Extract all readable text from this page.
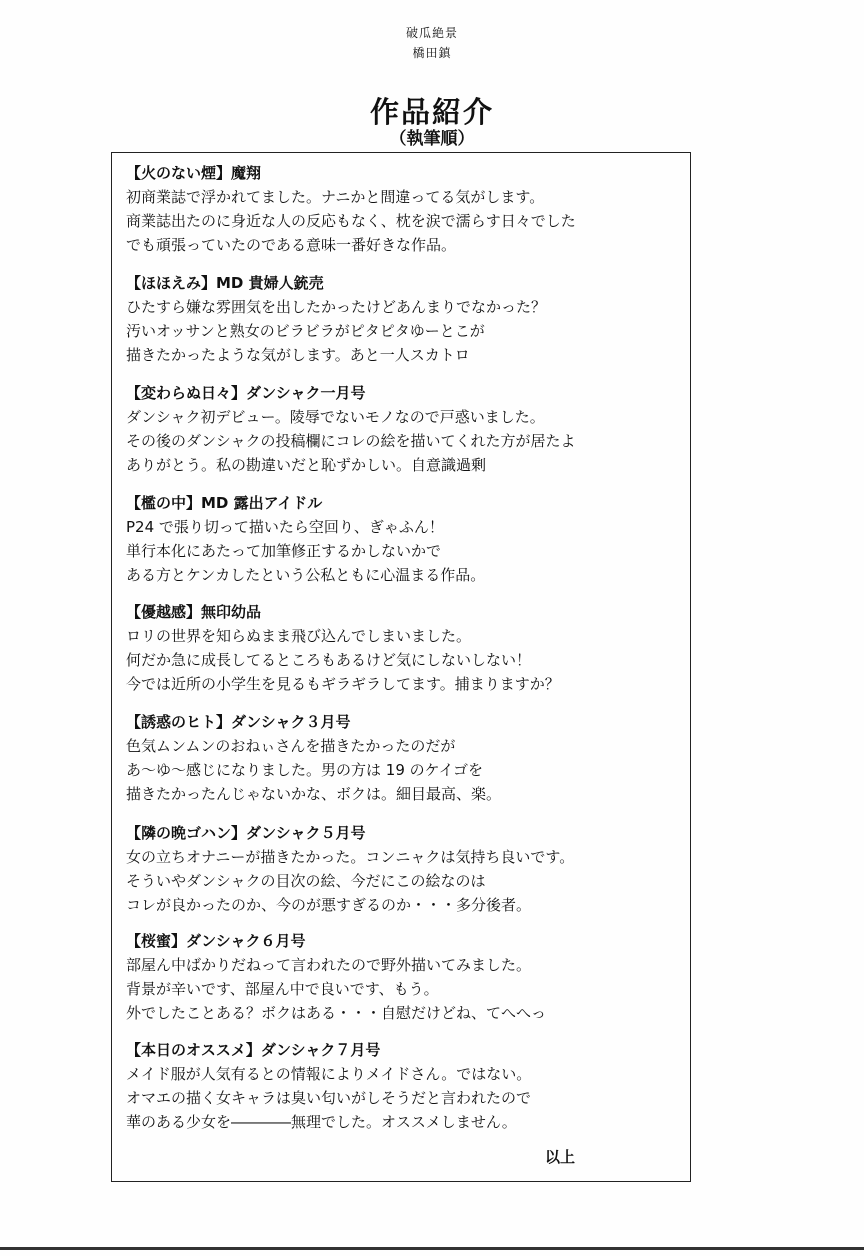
破瓜絶景
橋田鎮
作品紹介
（執筆順）
【火のない煙】魔翔
初商業誌で浮かれてました。ナニかと間違ってる気がします。
商業誌出たのに身近な人の反応もなく、枕を涙で濡らす日々でした
でも頑張っていたのである意味一番好きな作品。
【ほほえみ】MD 貴婦人銃売
ひたすら嫌な雰囲気を出したかったけどあんまりでなかった？
汚いオッサンと熟女のビラビラがピタピタゆーとこが
描きたかったような気がします。あと一人スカトロ
【変わらぬ日々】ダンシャク一月号
ダンシャク初デビュー。陵辱でないモノなので戸惑いました。
その後のダンシャクの投稿欄にコレの絵を描いてくれた方が居たよ
ありがとう。私の勘違いだと恥ずかしい。自意識過剰
【檻の中】MD 露出アイドル
P24 で張り切って描いたら空回り、ぎゃふん！
単行本化にあたって加筆修正するかしないかで
ある方とケンカしたという公私ともに心温まる作品。
【優越感】無印幼品
ロリの世界を知らぬまま飛び込んでしまいました。
何だか急に成長してるところもあるけど気にしないしない！
今では近所の小学生を見るもギラギラしてます。捕まりますか？
【誘惑のヒト】ダンシャク３月号
色気ムンムンのおねぃさんを描きたかったのだが
あ～ゆ～感じになりました。男の方は 19 のケイゴを
描きたかったんじゃないかな、ボクは。細目最高、楽。
【隣の晩ゴハン】ダンシャク５月号
女の立ちオナニーが描きたかった。コンニャクは気持ち良いです。
そういやダンシャクの目次の絵、今だにこの絵なのは
コレが良かったのか、今のが悪すぎるのか・・・多分後者。
【桜蜜】ダンシャク６月号
部屋ん中ばかりだねって言われたので野外描いてみました。
背景が辛いです、部屋ん中で良いです、もう。
外でしたことある？ボクはある・・・自慰だけどね、てへへっ
【本日のオススメ】ダンシャク７月号
メイド服が人気有るとの情報によりメイドさん。ではない。
オマエの描く女キャラは臭い匂いがしそうだと言われたので
華のある少女を――――無理でした。オススメしません。
以上
